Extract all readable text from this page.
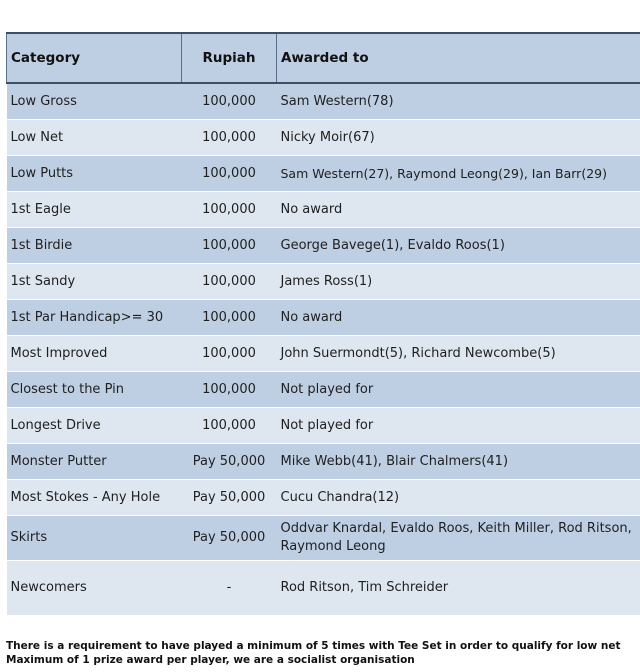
Category	Rupiah	Awarded to
Low Gross	100,000	Sam Western(78)
Low Net	100,000	Nicky Moir(67)
Low Putts	100,000	Sam Western(27), Raymond Leong(29), Ian Barr(29)
1st Eagle	100,000	No award
1st Birdie	100,000	George Bavege(1), Evaldo Roos(1)
1st Sandy	100,000	James Ross(1)
1st Par Handicap>= 30	100,000	No award
Most Improved	100,000	John Suermondt(5), Richard Newcombe(5)
Closest to the Pin	100,000	Not played for
Longest Drive	100,000	Not played for
Monster Putter	Pay 50,000	Mike Webb(41), Blair Chalmers(41)
Most Stokes - Any Hole	Pay 50,000	Cucu Chandra(12)
Skirts	Pay 50,000	Oddvar Knardal, Evaldo Roos, Keith Miller, Rod Ritson, Raymond Leong
Newcomers	-	Rod Ritson, Tim Schreider
There is a requirement to have played a minimum of 5 times with Tee Set in order to qualify for low net
Maximum of 1 prize award per player, we are a socialist organisation
